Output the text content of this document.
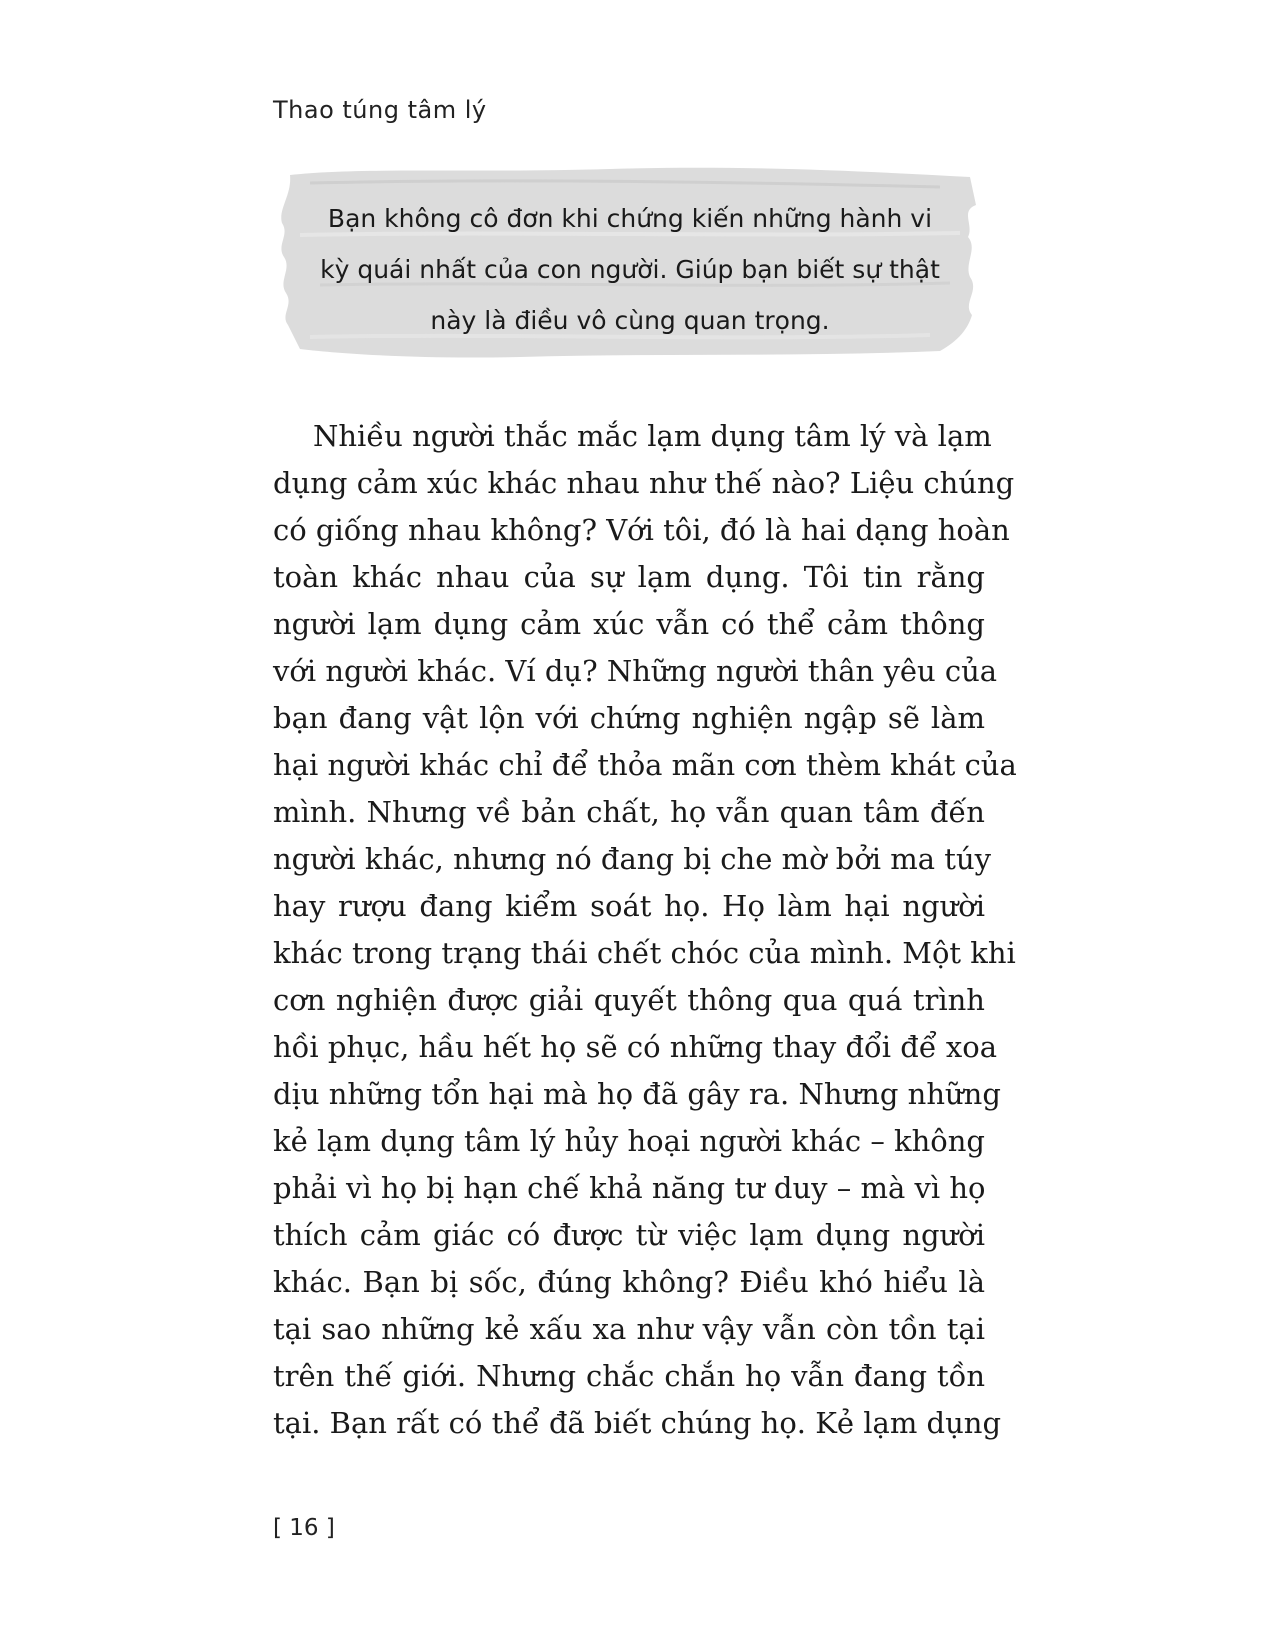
Thao túng tâm lý
Bạn không cô đơn khi chứng kiến những hành vi
kỳ quái nhất của con người. Giúp bạn biết sự thật
này là điều vô cùng quan trọng.
Nhiều người thắc mắc lạm dụng tâm lý và lạm
dụng cảm xúc khác nhau như thế nào? Liệu chúng
có giống nhau không? Với tôi, đó là hai dạng hoàn
toàn khác nhau của sự lạm dụng. Tôi tin rằng
người lạm dụng cảm xúc vẫn có thể cảm thông
với người khác. Ví dụ? Những người thân yêu của
bạn đang vật lộn với chứng nghiện ngập sẽ làm
hại người khác chỉ để thỏa mãn cơn thèm khát của
mình. Nhưng về bản chất, họ vẫn quan tâm đến
người khác, nhưng nó đang bị che mờ bởi ma túy
hay rượu đang kiểm soát họ. Họ làm hại người
khác trong trạng thái chết chóc của mình. Một khi
cơn nghiện được giải quyết thông qua quá trình
hồi phục, hầu hết họ sẽ có những thay đổi để xoa
dịu những tổn hại mà họ đã gây ra. Nhưng những
kẻ lạm dụng tâm lý hủy hoại người khác – không
phải vì họ bị hạn chế khả năng tư duy – mà vì họ
thích cảm giác có được từ việc lạm dụng người
khác. Bạn bị sốc, đúng không? Điều khó hiểu là
tại sao những kẻ xấu xa như vậy vẫn còn tồn tại
trên thế giới. Nhưng chắc chắn họ vẫn đang tồn
tại. Bạn rất có thể đã biết chúng họ. Kẻ lạm dụng
[ 16 ]
